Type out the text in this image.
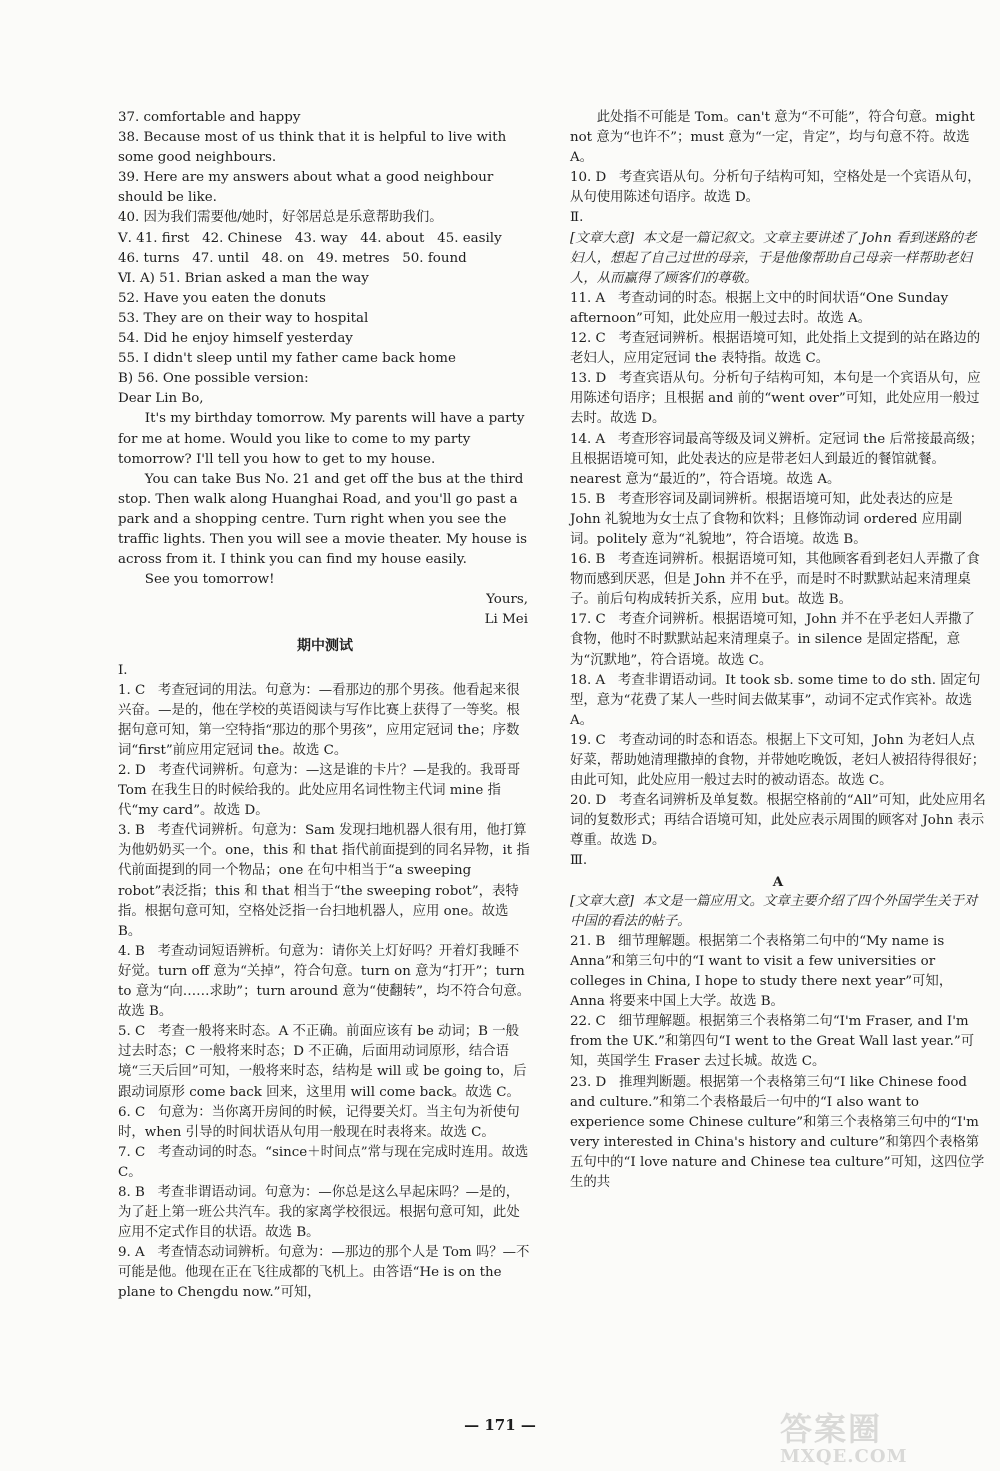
37. comfortable and happy

38. Because most of us think that it is helpful to live with some good neighbours.

39. Here are my answers about what a good neighbour should be like.

40. 因为我们需要他/她时，好邻居总是乐意帮助我们。

Ⅴ. 41. first   42. Chinese   43. way   44. about   45. easily

46. turns   47. until   48. on   49. metres   50. found

Ⅵ. A) 51. Brian asked a man the way

52. Have you eaten the donuts

53. They are on their way to hospital

54. Did he enjoy himself yesterday

55. I didn't sleep until my father came back home

B) 56. One possible version:

Dear Lin Bo,

It's my birthday tomorrow. My parents will have a party for me at home. Would you like to come to my party tomorrow? I'll tell you how to get to my house.

You can take Bus No. 21 and get off the bus at the third stop. Then walk along Huanghai Road, and you'll go past a park and a shopping centre. Turn right when you see the traffic lights. Then you will see a movie theater. My house is across from it. I think you can find my house easily.

See you tomorrow!

Yours,

Li Mei

期中测试

Ⅰ.

1. C   考查冠词的用法。句意为：—看那边的那个男孩。他看起来很兴奋。—是的，他在学校的英语阅读与写作比赛上获得了一等奖。根据句意可知，第一空特指“那边的那个男孩”，应用定冠词 the；序数词“first”前应用定冠词 the。故选 C。

2. D   考查代词辨析。句意为：—这是谁的卡片？—是我的。我哥哥 Tom 在我生日的时候给我的。此处应用名词性物主代词 mine 指代“my card”。故选 D。

3. B   考查代词辨析。句意为：Sam 发现扫地机器人很有用，他打算为他奶奶买一个。one，this 和 that 指代前面提到的同名异物，it 指代前面提到的同一个物品；one 在句中相当于“a sweeping robot”表泛指；this 和 that 相当于“the sweeping robot”，表特指。根据句意可知，空格处泛指一台扫地机器人，应用 one。故选 B。

4. B   考查动词短语辨析。句意为：请你关上灯好吗？开着灯我睡不好觉。turn off 意为“关掉”，符合句意。turn on 意为“打开”；turn to 意为“向……求助”；turn around 意为“使翻转”，均不符合句意。故选 B。

5. C   考查一般将来时态。A 不正确。前面应该有 be 动词；B 一般过去时态；C 一般将来时态；D 不正确，后面用动词原形，结合语境“三天后回”可知，一般将来时态，结构是 will 或 be going to，后跟动词原形 come back 回来，这里用 will come back。故选 C。

6. C   句意为：当你离开房间的时候，记得要关灯。当主句为祈使句时，when 引导的时间状语从句用一般现在时表将来。故选 C。

7. C   考查动词的时态。“since＋时间点”常与现在完成时连用。故选 C。

8. B   考查非谓语动词。句意为：—你总是这么早起床吗？—是的，为了赶上第一班公共汽车。我的家离学校很远。根据句意可知，此处应用不定式作目的状语。故选 B。

9. A   考查情态动词辨析。句意为：—那边的那个人是 Tom 吗？—不可能是他。他现在正在飞往成都的飞机上。由答语“He is on the plane to Chengdu now.”可知，

此处指不可能是 Tom。can't 意为“不可能”，符合句意。might not 意为“也许不”；must 意为“一定，肯定”，均与句意不符。故选 A。

10. D   考查宾语从句。分析句子结构可知，空格处是一个宾语从句，从句使用陈述句语序。故选 D。

Ⅱ.

[文章大意]  本文是一篇记叙文。文章主要讲述了 John 看到迷路的老妇人，想起了自己过世的母亲，于是他像帮助自己母亲一样帮助老妇人，从而赢得了顾客们的尊敬。

11. A   考查动词的时态。根据上文中的时间状语“One Sunday afternoon”可知，此处应用一般过去时。故选 A。

12. C   考查冠词辨析。根据语境可知，此处指上文提到的站在路边的老妇人，应用定冠词 the 表特指。故选 C。

13. D   考查宾语从句。分析句子结构可知，本句是一个宾语从句，应用陈述句语序；且根据 and 前的“went over”可知，此处应用一般过去时。故选 D。

14. A   考查形容词最高等级及词义辨析。定冠词 the 后常接最高级；且根据语境可知，此处表达的应是带老妇人到最近的餐馆就餐。nearest 意为“最近的”，符合语境。故选 A。

15. B   考查形容词及副词辨析。根据语境可知，此处表达的应是 John 礼貌地为女士点了食物和饮料；且修饰动词 ordered 应用副词。politely 意为“礼貌地”，符合语境。故选 B。

16. B   考查连词辨析。根据语境可知，其他顾客看到老妇人弄撒了食物而感到厌恶，但是 John 并不在乎，而是时不时默默站起来清理桌子。前后句构成转折关系，应用 but。故选 B。

17. C   考查介词辨析。根据语境可知，John 并不在乎老妇人弄撒了食物，他时不时默默站起来清理桌子。in silence 是固定搭配，意为“沉默地”，符合语境。故选 C。

18. A   考查非谓语动词。It took sb. some time to do sth. 固定句型，意为“花费了某人一些时间去做某事”，动词不定式作宾补。故选 A。

19. C   考查动词的时态和语态。根据上下文可知，John 为老妇人点好菜，帮助她清理撒掉的食物，并带她吃晚饭，老妇人被招待得很好；由此可知，此处应用一般过去时的被动语态。故选 C。

20. D   考查名词辨析及单复数。根据空格前的“All”可知，此处应用名词的复数形式；再结合语境可知，此处应表示周围的顾客对 John 表示尊重。故选 D。

Ⅲ.

A

[文章大意]  本文是一篇应用文。文章主要介绍了四个外国学生关于对中国的看法的帖子。

21. B   细节理解题。根据第二个表格第二句中的“My name is Anna”和第三句中的“I want to visit a few universities or colleges in China, I hope to study there next year”可知，Anna 将要来中国上大学。故选 B。

22. C   细节理解题。根据第三个表格第二句“I'm Fraser, and I'm from the UK.”和第四句“I went to the Great Wall last year.”可知，英国学生 Fraser 去过长城。故选 C。

23. D   推理判断题。根据第一个表格第三句“I like Chinese food and culture.”和第二个表格最后一句中的“I also want to experience some Chinese culture”和第三个表格第三句中的“I'm very interested in China's history and culture”和第四个表格第五句中的“I love nature and Chinese tea culture”可知，这四位学生的共

— 171 —	答案圈
MXQE.COM
